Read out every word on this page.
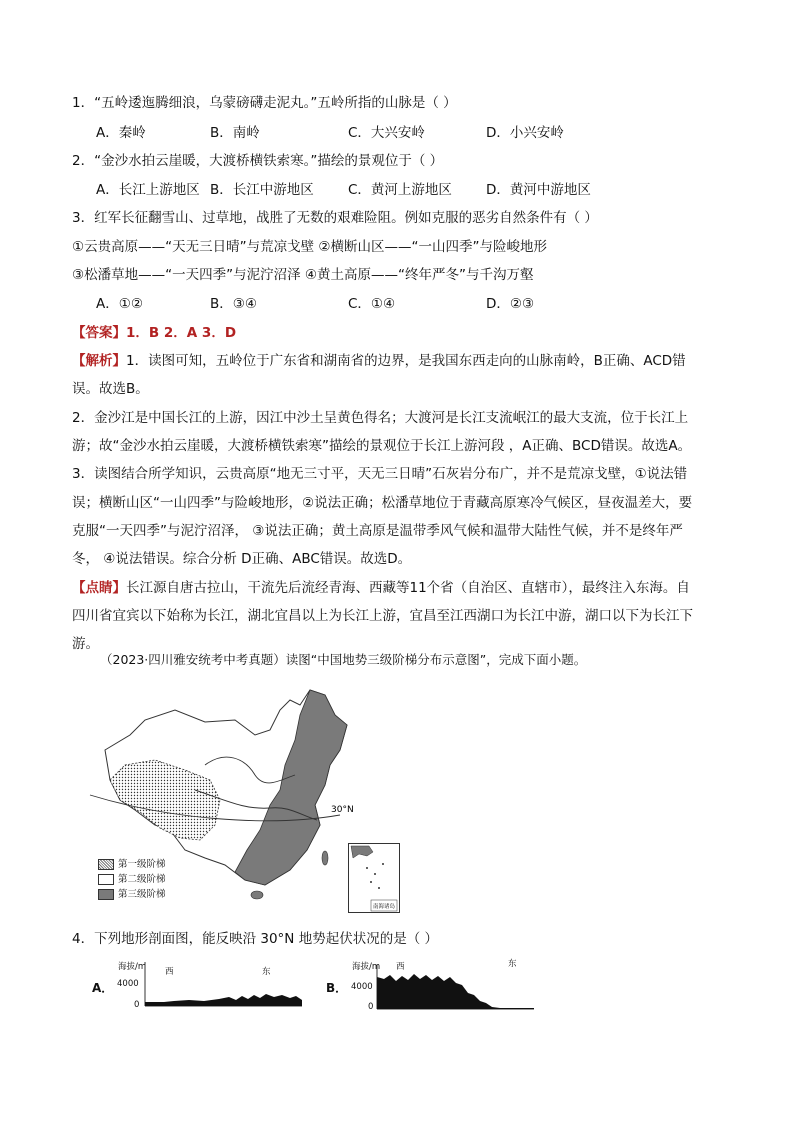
1．“五岭逶迤腾细浪，乌蒙磅礴走泥丸。”五岭所指的山脉是（ ）
A．秦岭	B．南岭	C．大兴安岭	D．小兴安岭
2．“金沙水拍云崖暖，大渡桥横铁索寒。”描绘的景观位于（ ）
A．长江上游地区 B．长江中游地区	C．黄河上游地区	D．黄河中游地区
3．红军长征翻雪山、过草地，战胜了无数的艰难险阻。例如克服的恶劣自然条件有（ ）
①云贵高原——“天无三日晴”与荒凉戈壁 ②横断山区——“一山四季”与险峻地形
③松潘草地——“一天四季”与泥泞沼泽 ④黄土高原——“终年严冬”与千沟万壑
A．①②	B．③④	C．①④	D．②③
【答案】1．B 2．A 3．D
【解析】1．读图可知，五岭位于广东省和湖南省的边界，是我国东西走向的山脉南岭，B正确、ACD错
误。故选B。
2．金沙江是中国长江的上游，因江中沙土呈黄色得名；大渡河是长江支流岷江的最大支流，位于长江上
游；故“金沙水拍云崖暖，大渡桥横铁索寒”描绘的景观位于长江上游河段 ，A正确、BCD错误。故选A。
3．读图结合所学知识，云贵高原“地无三寸平，天无三日晴”石灰岩分布广，并不是荒凉戈壁，①说法错
误；横断山区“一山四季”与险峻地形，②说法正确；松潘草地位于青藏高原寒冷气候区，昼夜温差大，要
克服“一天四季”与泥泞沼泽， ③说法正确；黄土高原是温带季风气候和温带大陆性气候，并不是终年严
冬， ④说法错误。综合分析 D正确、ABC错误。故选D。
【点睛】长江源自唐古拉山，干流先后流经青海、西藏等11个省（自治区、直辖市），最终注入东海。自
四川省宜宾以下始称为长江，湖北宜昌以上为长江上游，宜昌至江西湖口为长江中游，湖口以下为长江下
游。
（2023·四川雅安统考中考真题）读图“中国地势三级阶梯分布示意图”，完成下面小题。
30°N
南海诸岛
第一级阶梯
第二级阶梯
第三级阶梯
4．下列地形剖面图，能反映沿 30°N 地势起伏状况的是（ ）
A．
海拔/m
4000
0
西	东
B．
海拔/m
4000
0
西	东
